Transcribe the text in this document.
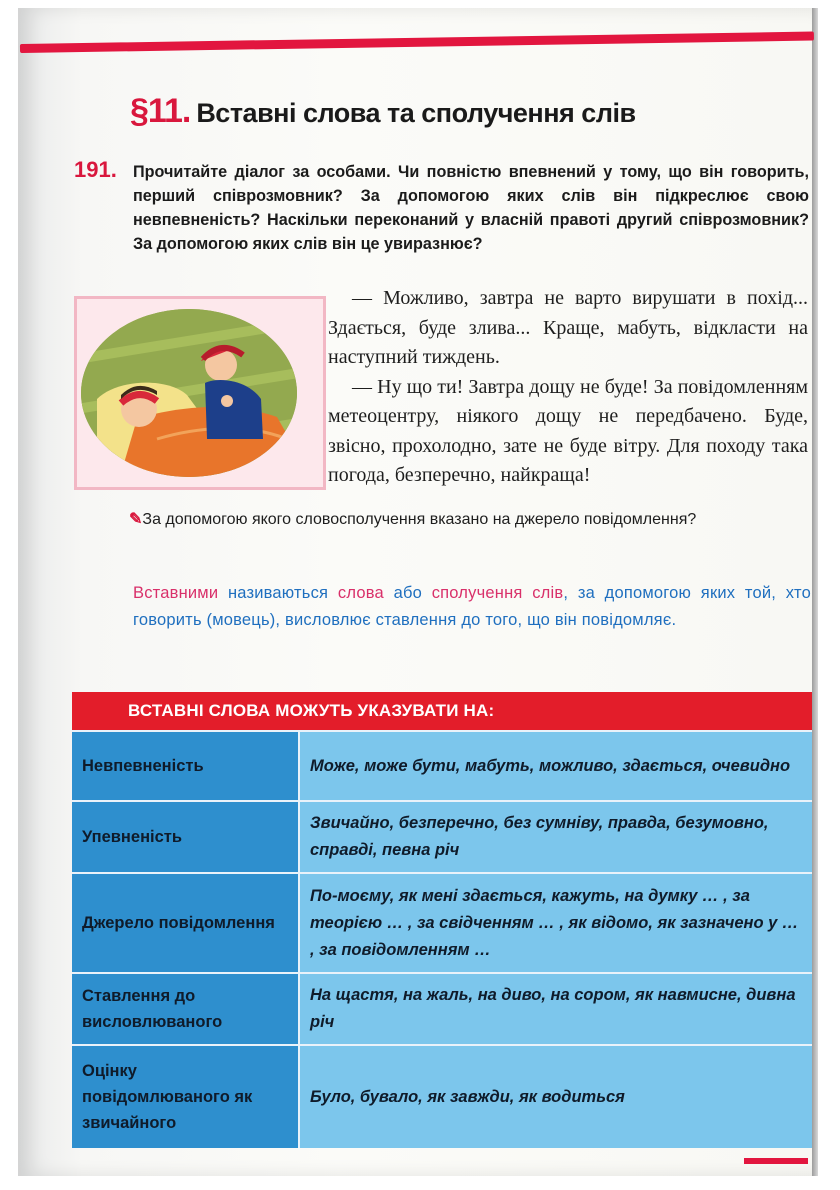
§11. Вставні слова та сполучення слів
191. Прочитайте діалог за особами. Чи повністю впевнений у тому, що він говорить, перший співрозмовник? За допомогою яких слів він підкреслює свою невпевненість? Наскільки переконаний у власній правоті другий співрозмовник? За допомогою яких слів він це увиразнює?

— Можливо, завтра не варто вирушати в похід... Здається, буде злива... Краще, мабуть, відкласти на наступний тиждень.

— Ну що ти! Завтра дощу не буде! За повідомленням метеоцентру, ніякого дощу не передбачено. Буде, звісно, прохолодно, зате не буде вітру. Для походу така погода, безперечно, найкраща!

✎За допомогою якого словосполучення вказано на джерело повідомлення?
Вставними називаються слова або сполучення слів, за допомогою яких той, хто говорить (мовець), висловлює ставлення до того, що він повідомляє.
ВСТАВНІ СЛОВА МОЖУТЬ УКАЗУВАТИ НА:
Невпевненість	Може, може бути, мабуть, можливо, здається, очевидно
Упевненість
Звичайно, безперечно, без сумніву, правда, безумовно, справді, певна річ
Джерело повідомлення
По-моєму, як мені здається, кажуть, на думку … , за теорією … , за свідченням … , як відомо, як зазначено у … , за повідомленням …
Ставлення до висловлюваного
На щастя, на жаль, на диво, на сором, як навмисне, дивна річ
Оцінку повідомлюваного як звичайного
Було, бувало, як завжди, як водиться
